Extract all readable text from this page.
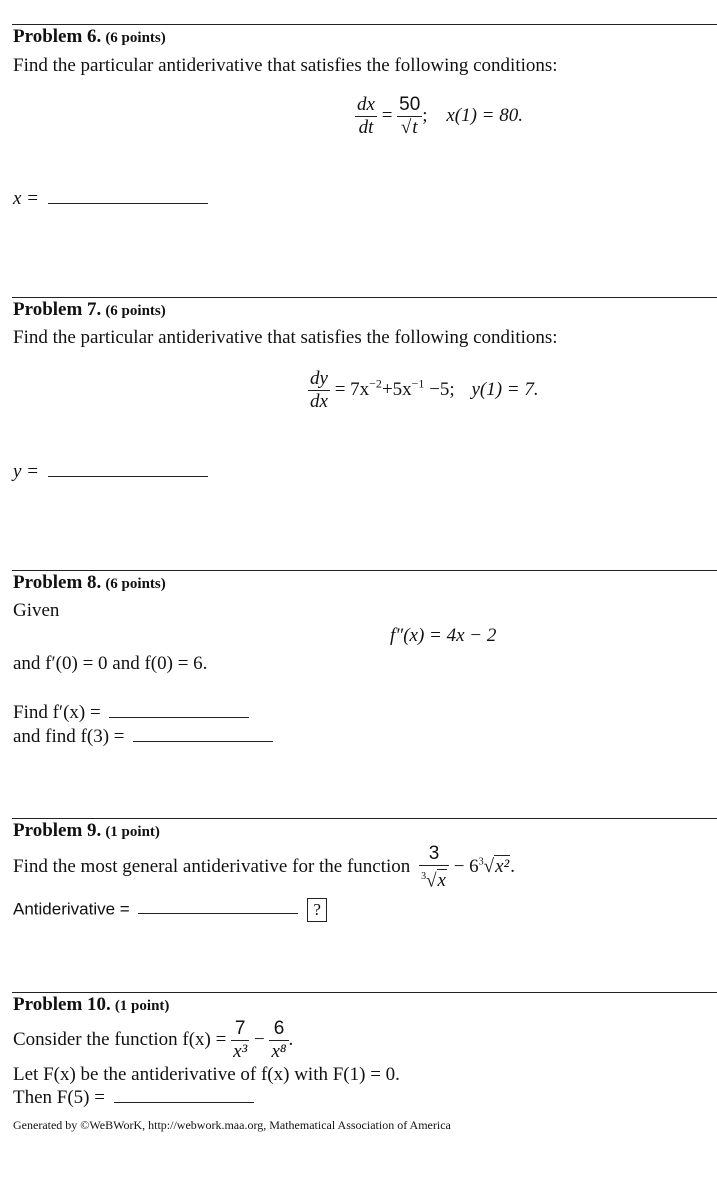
Problem 6. (6 points)
Find the particular antiderivative that satisfies the following conditions:
$\frac{dx}{dt} = \frac{50}{√t}$ ; x(1) = 80.
x =
Problem 7. (6 points)
Find the particular antiderivative that satisfies the following conditions:
$\frac{dy}{dx} = 7x^{-2}+5x^{-1} -5$; y(1) = 7.
y =
Problem 8. (6 points)
Given
f″(x) = 4x − 2
and f′(0) = 0 and f(0) = 6.
Find f′(x) =
and find f(3) =
Problem 9. (1 point)
Find the most general antiderivative for the function $\frac{3}{^3√x} - 6^3√x^2$.
Antiderivative =	?
Problem 10. (1 point)
Consider the function $f(x) = \frac{7}{\text{x³}} - \frac{6}{\text{x⁸}}$ .
Let F(x) be the antiderivative of f(x) with F(1) = 0.
Then F(5) =
Generated by ©WeBWorK, http://webwork.maa.org, Mathematical Association of America
